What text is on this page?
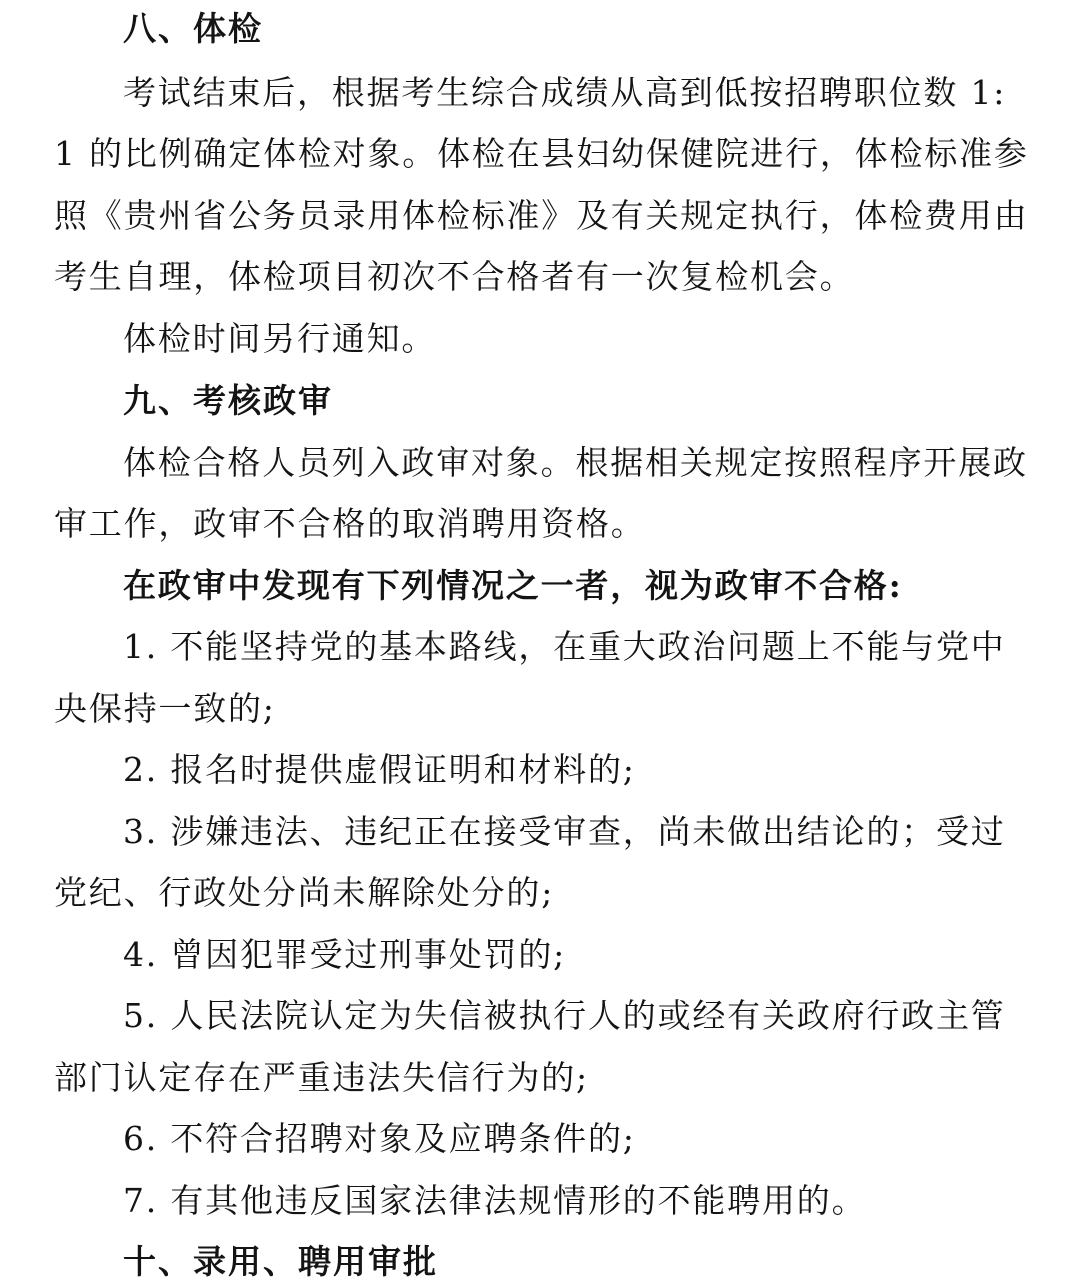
八、体检
考试结束后，根据考生综合成绩从高到低按招聘职位数 1:
1 的比例确定体检对象。体检在县妇幼保健院进行，体检标准参
照《贵州省公务员录用体检标准》及有关规定执行，体检费用由
考生自理，体检项目初次不合格者有一次复检机会。
体检时间另行通知。
九、考核政审
体检合格人员列入政审对象。根据相关规定按照程序开展政
审工作，政审不合格的取消聘用资格。
在政审中发现有下列情况之一者，视为政审不合格:
1. 不能坚持党的基本路线，在重大政治问题上不能与党中
央保持一致的;
2. 报名时提供虚假证明和材料的;
3. 涉嫌违法、违纪正在接受审查，尚未做出结论的；受过
党纪、行政处分尚未解除处分的;
4. 曾因犯罪受过刑事处罚的;
5. 人民法院认定为失信被执行人的或经有关政府行政主管
部门认定存在严重违法失信行为的;
6. 不符合招聘对象及应聘条件的;
7. 有其他违反国家法律法规情形的不能聘用的。
十、录用、聘用审批
